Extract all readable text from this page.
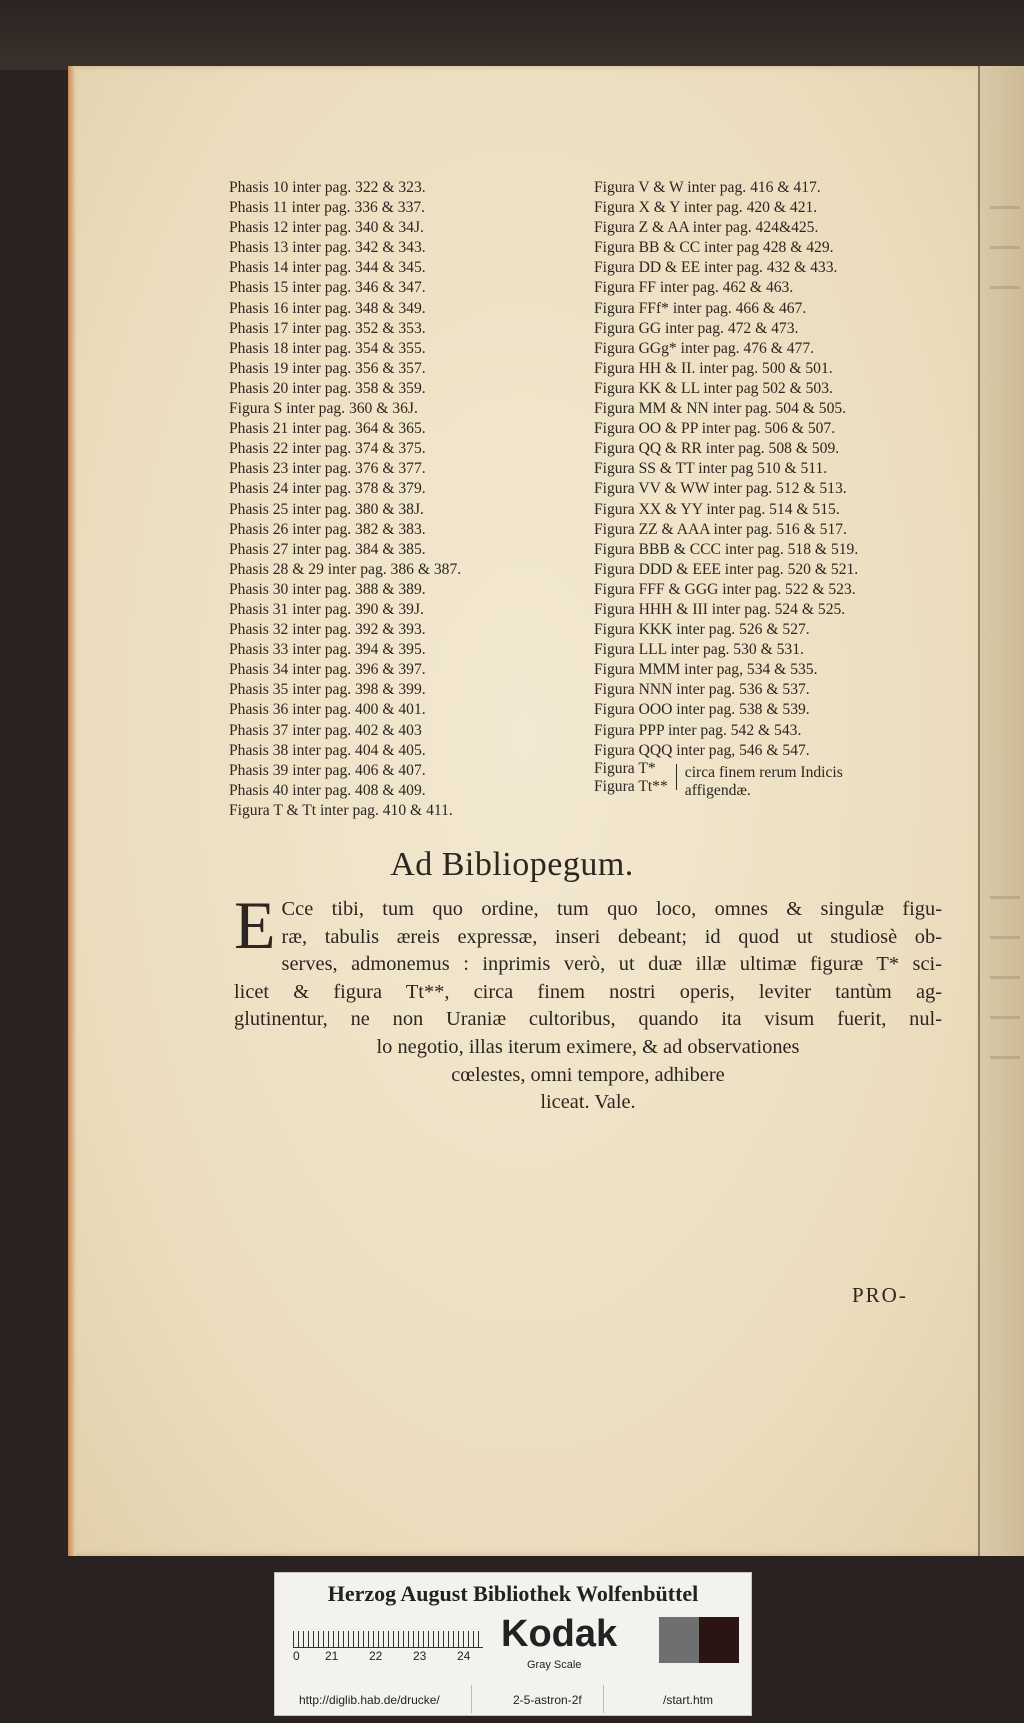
Phasis 10 inter pag. 322 & 323.
Phasis 11 inter pag. 336 & 337.
Phasis 12 inter pag. 340 & 34J.
Phasis 13 inter pag. 342 & 343.
Phasis 14 inter pag. 344 & 345.
Phasis 15 inter pag. 346 & 347.
Phasis 16 inter pag. 348 & 349.
Phasis 17 inter pag. 352 & 353.
Phasis 18 inter pag. 354 & 355.
Phasis 19 inter pag. 356 & 357.
Phasis 20 inter pag. 358 & 359.
Figura S inter pag. 360 & 36J.
Phasis 21 inter pag. 364 & 365.
Phasis 22 inter pag. 374 & 375.
Phasis 23 inter pag. 376 & 377.
Phasis 24 inter pag. 378 & 379.
Phasis 25 inter pag. 380 & 38J.
Phasis 26 inter pag. 382 & 383.
Phasis 27 inter pag. 384 & 385.
Phasis 28 & 29 inter pag. 386 & 387.
Phasis 30 inter pag. 388 & 389.
Phasis 31 inter pag. 390 & 39J.
Phasis 32 inter pag. 392 & 393.
Phasis 33 inter pag. 394 & 395.
Phasis 34 inter pag. 396 & 397.
Phasis 35 inter pag. 398 & 399.
Phasis 36 inter pag. 400 & 401.
Phasis 37 inter pag. 402 & 403
Phasis 38 inter pag. 404 & 405.
Phasis 39 inter pag. 406 & 407.
Phasis 40 inter pag. 408 & 409.
Figura T & Tt inter pag. 410 & 411.
Figura V & W inter pag. 416 & 417.
Figura X & Y inter pag. 420 & 421.
Figura Z & AA inter pag. 424&425.
Figura BB & CC inter pag 428 & 429.
Figura DD & EE inter pag. 432 & 433.
Figura FF inter pag. 462 & 463.
Figura FFf* inter pag. 466 & 467.
Figura GG inter pag. 472 & 473.
Figura GGg* inter pag. 476 & 477.
Figura HH & II. inter pag. 500 & 501.
Figura KK & LL inter pag 502 & 503.
Figura MM & NN inter pag. 504 & 505.
Figura OO & PP inter pag. 506 & 507.
Figura QQ & RR inter pag. 508 & 509.
Figura SS & TT inter pag 510 & 511.
Figura VV & WW inter pag. 512 & 513.
Figura XX & YY inter pag. 514 & 515.
Figura ZZ & AAA inter pag. 516 & 517.
Figura BBB & CCC inter pag. 518 & 519.
Figura DDD & EEE inter pag. 520 & 521.
Figura FFF & GGG inter pag. 522 & 523.
Figura HHH & III inter pag. 524 & 525.
Figura KKK inter pag. 526 & 527.
Figura LLL inter pag. 530 & 531.
Figura MMM inter pag, 534 & 535.
Figura NNN inter pag. 536 & 537.
Figura OOO inter pag. 538 & 539.
Figura PPP inter pag. 542 & 543.
Figura QQQ inter pag, 546 & 547.
Figura T*
Figura Tt**
circa finem rerum Indicis affigendæ.
Ad Bibliopegum.
E Cce tibi, tum quo ordine, tum quo loco, omnes & singulæ figu-
ræ, tabulis æreis expressæ, inseri debeant; id quod ut studiosè ob-
serves, admonemus : inprimis verò, ut duæ illæ ultimæ figuræ T* sci-
licet & figura Tt**, circa finem nostri operis, leviter tantùm ag-
glutinentur, ne non Uraniæ cultoribus, quando ita visum fuerit, nul-
lo negotio, illas iterum eximere, & ad observationes
cœlestes, omni tempore, adhibere
liceat. Vale.
PRO-
Herzog August Bibliothek Wolfenbüttel
0 21	22	23	24
Kodak
Gray Scale
http://diglib.hab.de/drucke/	2-5-astron-2f	/start.htm
